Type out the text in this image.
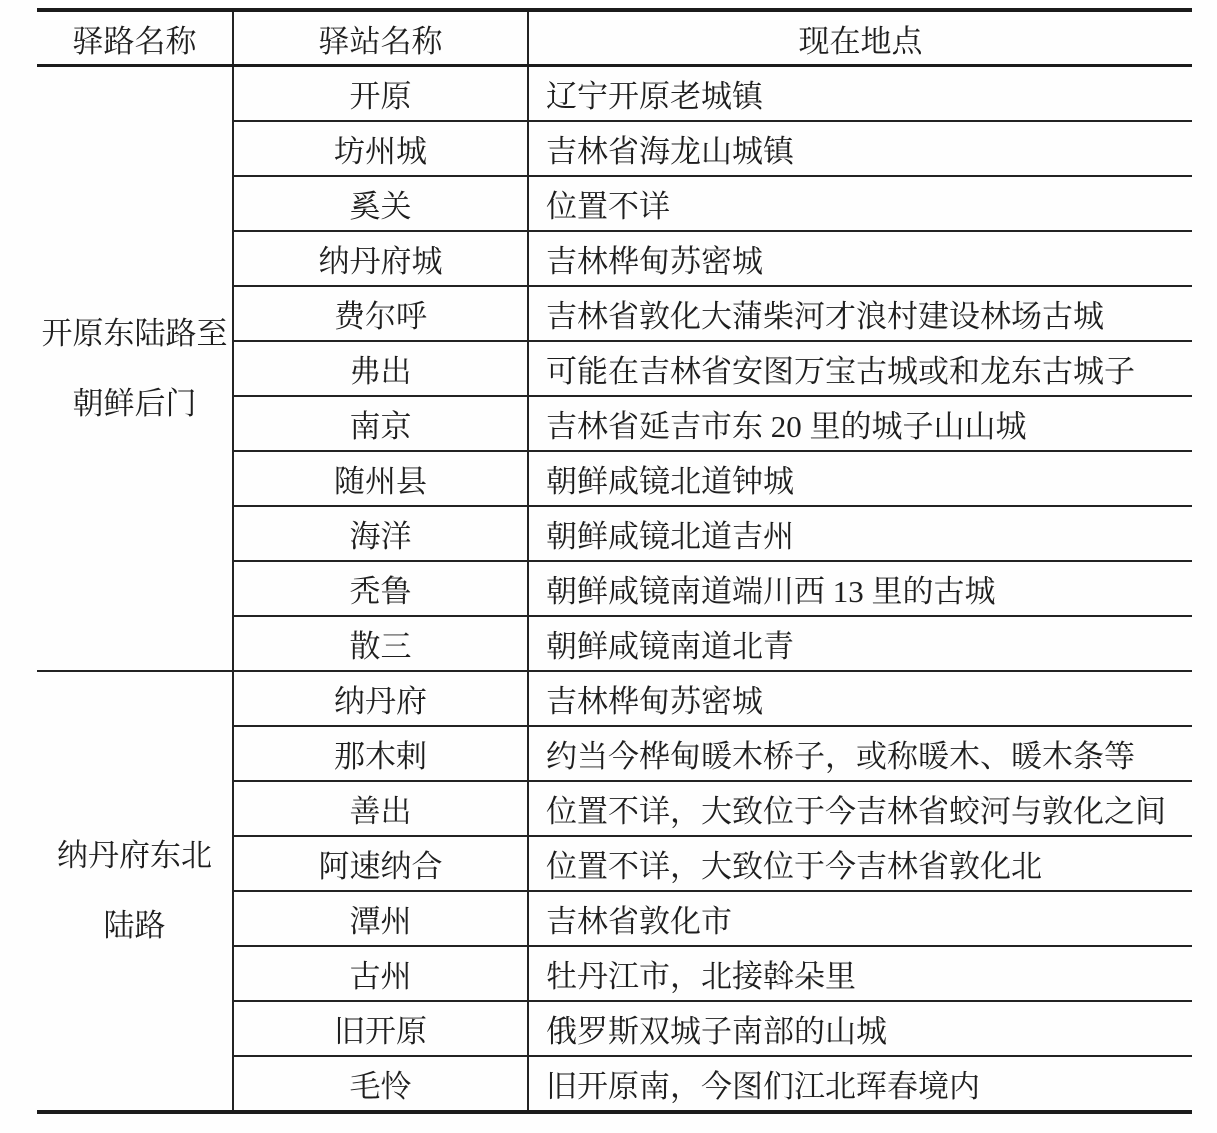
驿路名称	驿站名称	现在地点

开原东陆路至
朝鲜后门	开原	辽宁开原老城镇
	坊州城	吉林省海龙山城镇
	奚关	位置不详
	纳丹府城	吉林桦甸苏密城
	费尔呼	吉林省敦化大蒲柴河才浪村建设林场古城
	弗出	可能在吉林省安图万宝古城或和龙东古城子
	南京	吉林省延吉市东 20 里的城子山山城
	随州县	朝鲜咸镜北道钟城
	海洋	朝鲜咸镜北道吉州
	秃鲁	朝鲜咸镜南道端川西 13 里的古城
	散三	朝鲜咸镜南道北青

纳丹府东北
陆路	纳丹府	吉林桦甸苏密城
	那木剌	约当今桦甸暖木桥子，或称暖木、暖木条等
	善出	位置不详，大致位于今吉林省蛟河与敦化之间
	阿速纳合	位置不详，大致位于今吉林省敦化北
	潭州	吉林省敦化市
	古州	牡丹江市，北接斡朵里
	旧开原	俄罗斯双城子南部的山城
	毛怜	旧开原南，今图们江北珲春境内
